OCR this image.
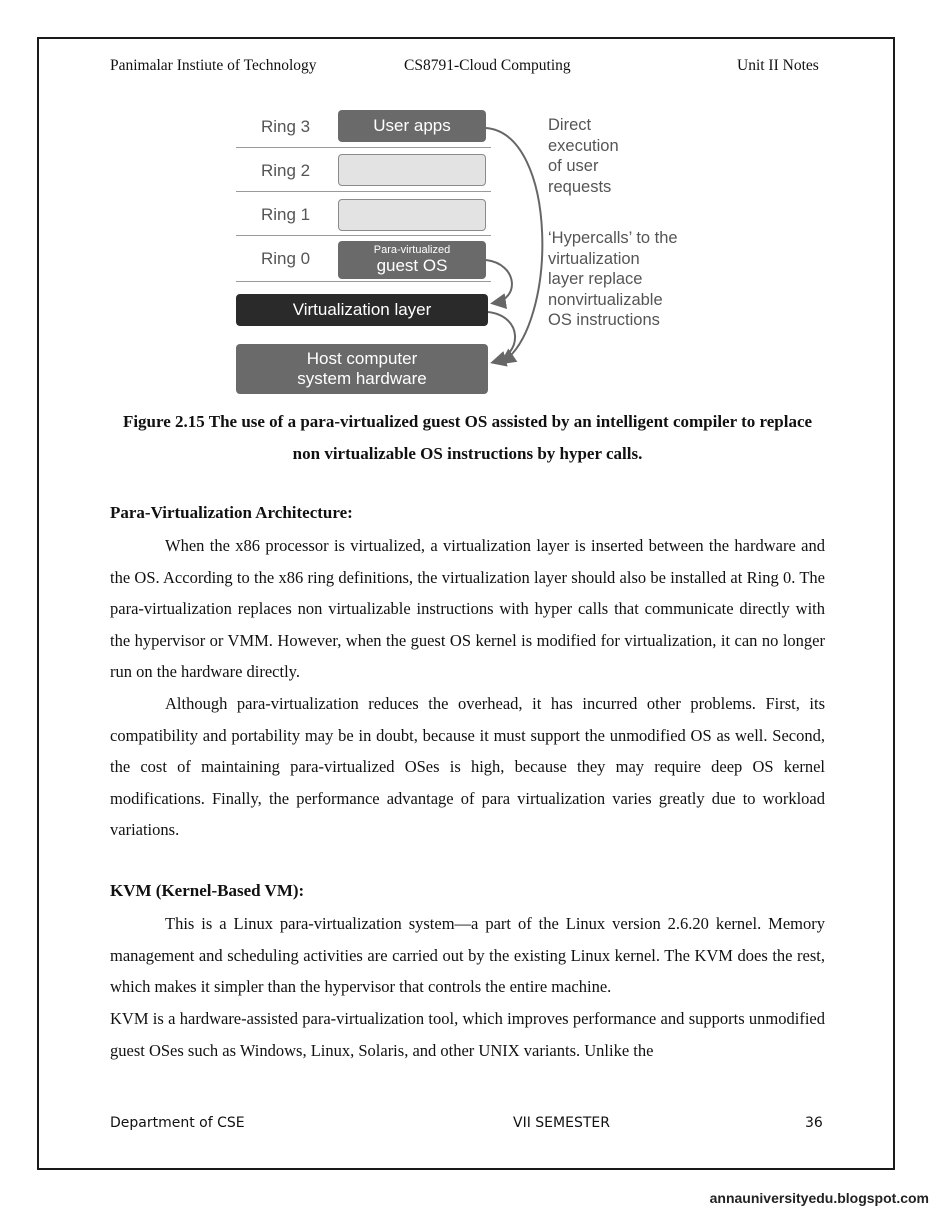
Panimalar Instiute of Technology	CS8791-Cloud Computing	Unit II Notes
Ring 3
Ring 2
Ring 1
Ring 0
User apps
Para-virtualized
guest OS
Virtualization layer
Host computer
system hardware
Direct
execution
of user
requests
‘Hypercalls’ to the
virtualization
layer replace
nonvirtualizable
OS instructions
Figure 2.15 The use of a para-virtualized guest OS assisted by an intelligent compiler to replace non virtualizable OS instructions by hyper calls.
Para-Virtualization Architecture:

When the x86 processor is virtualized, a virtualization layer is inserted between the hardware and the OS. According to the x86 ring definitions, the virtualization layer should also be installed at Ring 0. The para-virtualization replaces non virtualizable instructions with hyper calls that communicate directly with the hypervisor or VMM. However, when the guest OS kernel is modified for virtualization, it can no longer run on the hardware directly.

Although para-virtualization reduces the overhead, it has incurred other problems. First, its compatibility and portability may be in doubt, because it must support the unmodified OS as well. Second, the cost of maintaining para-virtualized OSes is high, because they may require deep OS kernel modifications. Finally, the performance advantage of para virtualization varies greatly due to workload variations.

KVM (Kernel-Based VM):

This is a Linux para-virtualization system—a part of the Linux version 2.6.20 kernel. Memory management and scheduling activities are carried out by the existing Linux kernel. The KVM does the rest, which makes it simpler than the hypervisor that controls the entire machine.

KVM is a hardware-assisted para-virtualization tool, which improves performance and supports unmodified guest OSes such as Windows, Linux, Solaris, and other UNIX variants. Unlike the

Department of CSE	VII SEMESTER	36
annauniversityedu.blogspot.com
